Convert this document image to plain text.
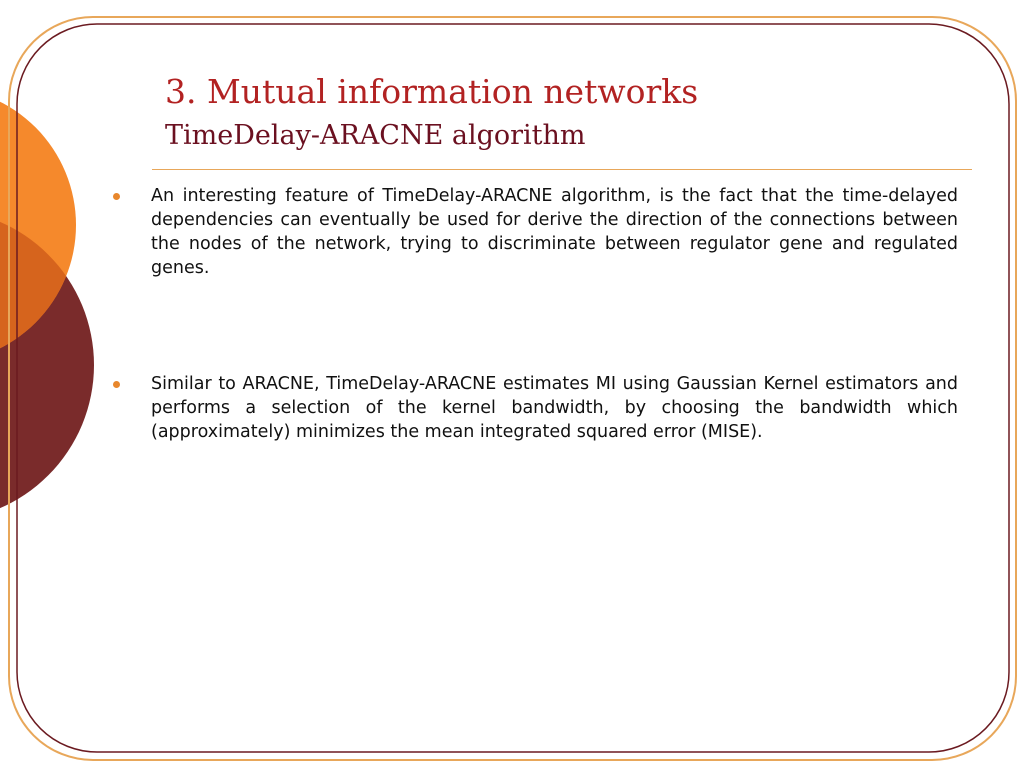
3. Mutual information networks
TimeDelay-ARACNE algorithm
An interesting feature of TimeDelay-ARACNE algorithm, is the fact that the time-delayed dependencies can eventually be used for derive the direction of the connections between the nodes of the network, trying to discriminate between regulator gene and regulated genes.
Similar to ARACNE, TimeDelay-ARACNE estimates MI using Gaussian Kernel estimators and performs a selection of the kernel bandwidth, by choosing the bandwidth which (approximately) minimizes the mean integrated squared error (MISE).
